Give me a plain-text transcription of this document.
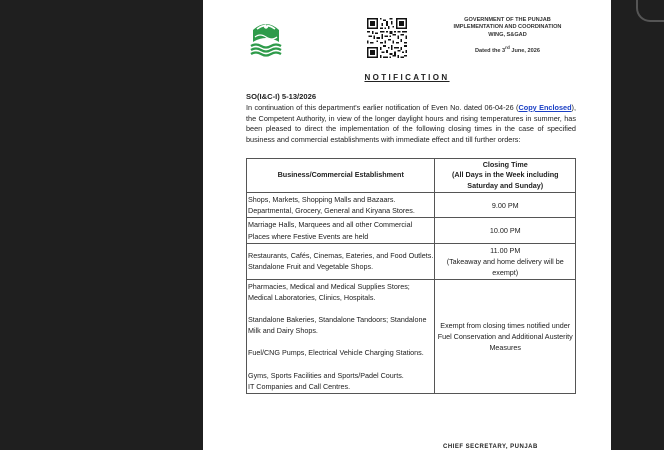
GOVERNMENT OF THE PUNJAB
IMPLEMENTATION AND COORDINATION
WING, S&GAD
Dated the 3rd June, 2026
NOTIFICATION
SO(I&C-I) 5-13/2026
In continuation of this department's earlier notification of Even No. dated 06-04-26 (Copy Enclosed), the Competent Authority, in view of the longer daylight hours and rising temperatures in summer, has been pleased to direct the implementation of the following closing times in the case of specified business and commercial establishments with immediate effect and till further orders:
Business/Commercial Establishment	Closing Time
(All Days in the Week including Saturday and Sunday)

Shops, Markets, Shopping Malls and Bazaars. Departmental, Grocery, General and Kiryana Stores.	9.00 PM
Marriage Halls, Marquees and all other Commercial Places where Festive Events are held	10.00 PM
Restaurants, Cafés, Cinemas, Eateries, and Food Outlets. Standalone Fruit and Vegetable Shops.	11.00 PM
(Takeaway and home delivery will be exempt)

Pharmacies, Medical and Medical Supplies Stores; Medical Laboratories, Clinics, Hospitals.
Standalone Bakeries, Standalone Tandoors; Standalone Milk and Dairy Shops.
Fuel/CNG Pumps, Electrical Vehicle Charging Stations.
Gyms, Sports Facilities and Sports/Padel Courts.
IT Companies and Call Centres.	Exempt from closing times notified under Fuel Conservation and Additional Austerity Measures
CHIEF SECRETARY, PUNJAB
